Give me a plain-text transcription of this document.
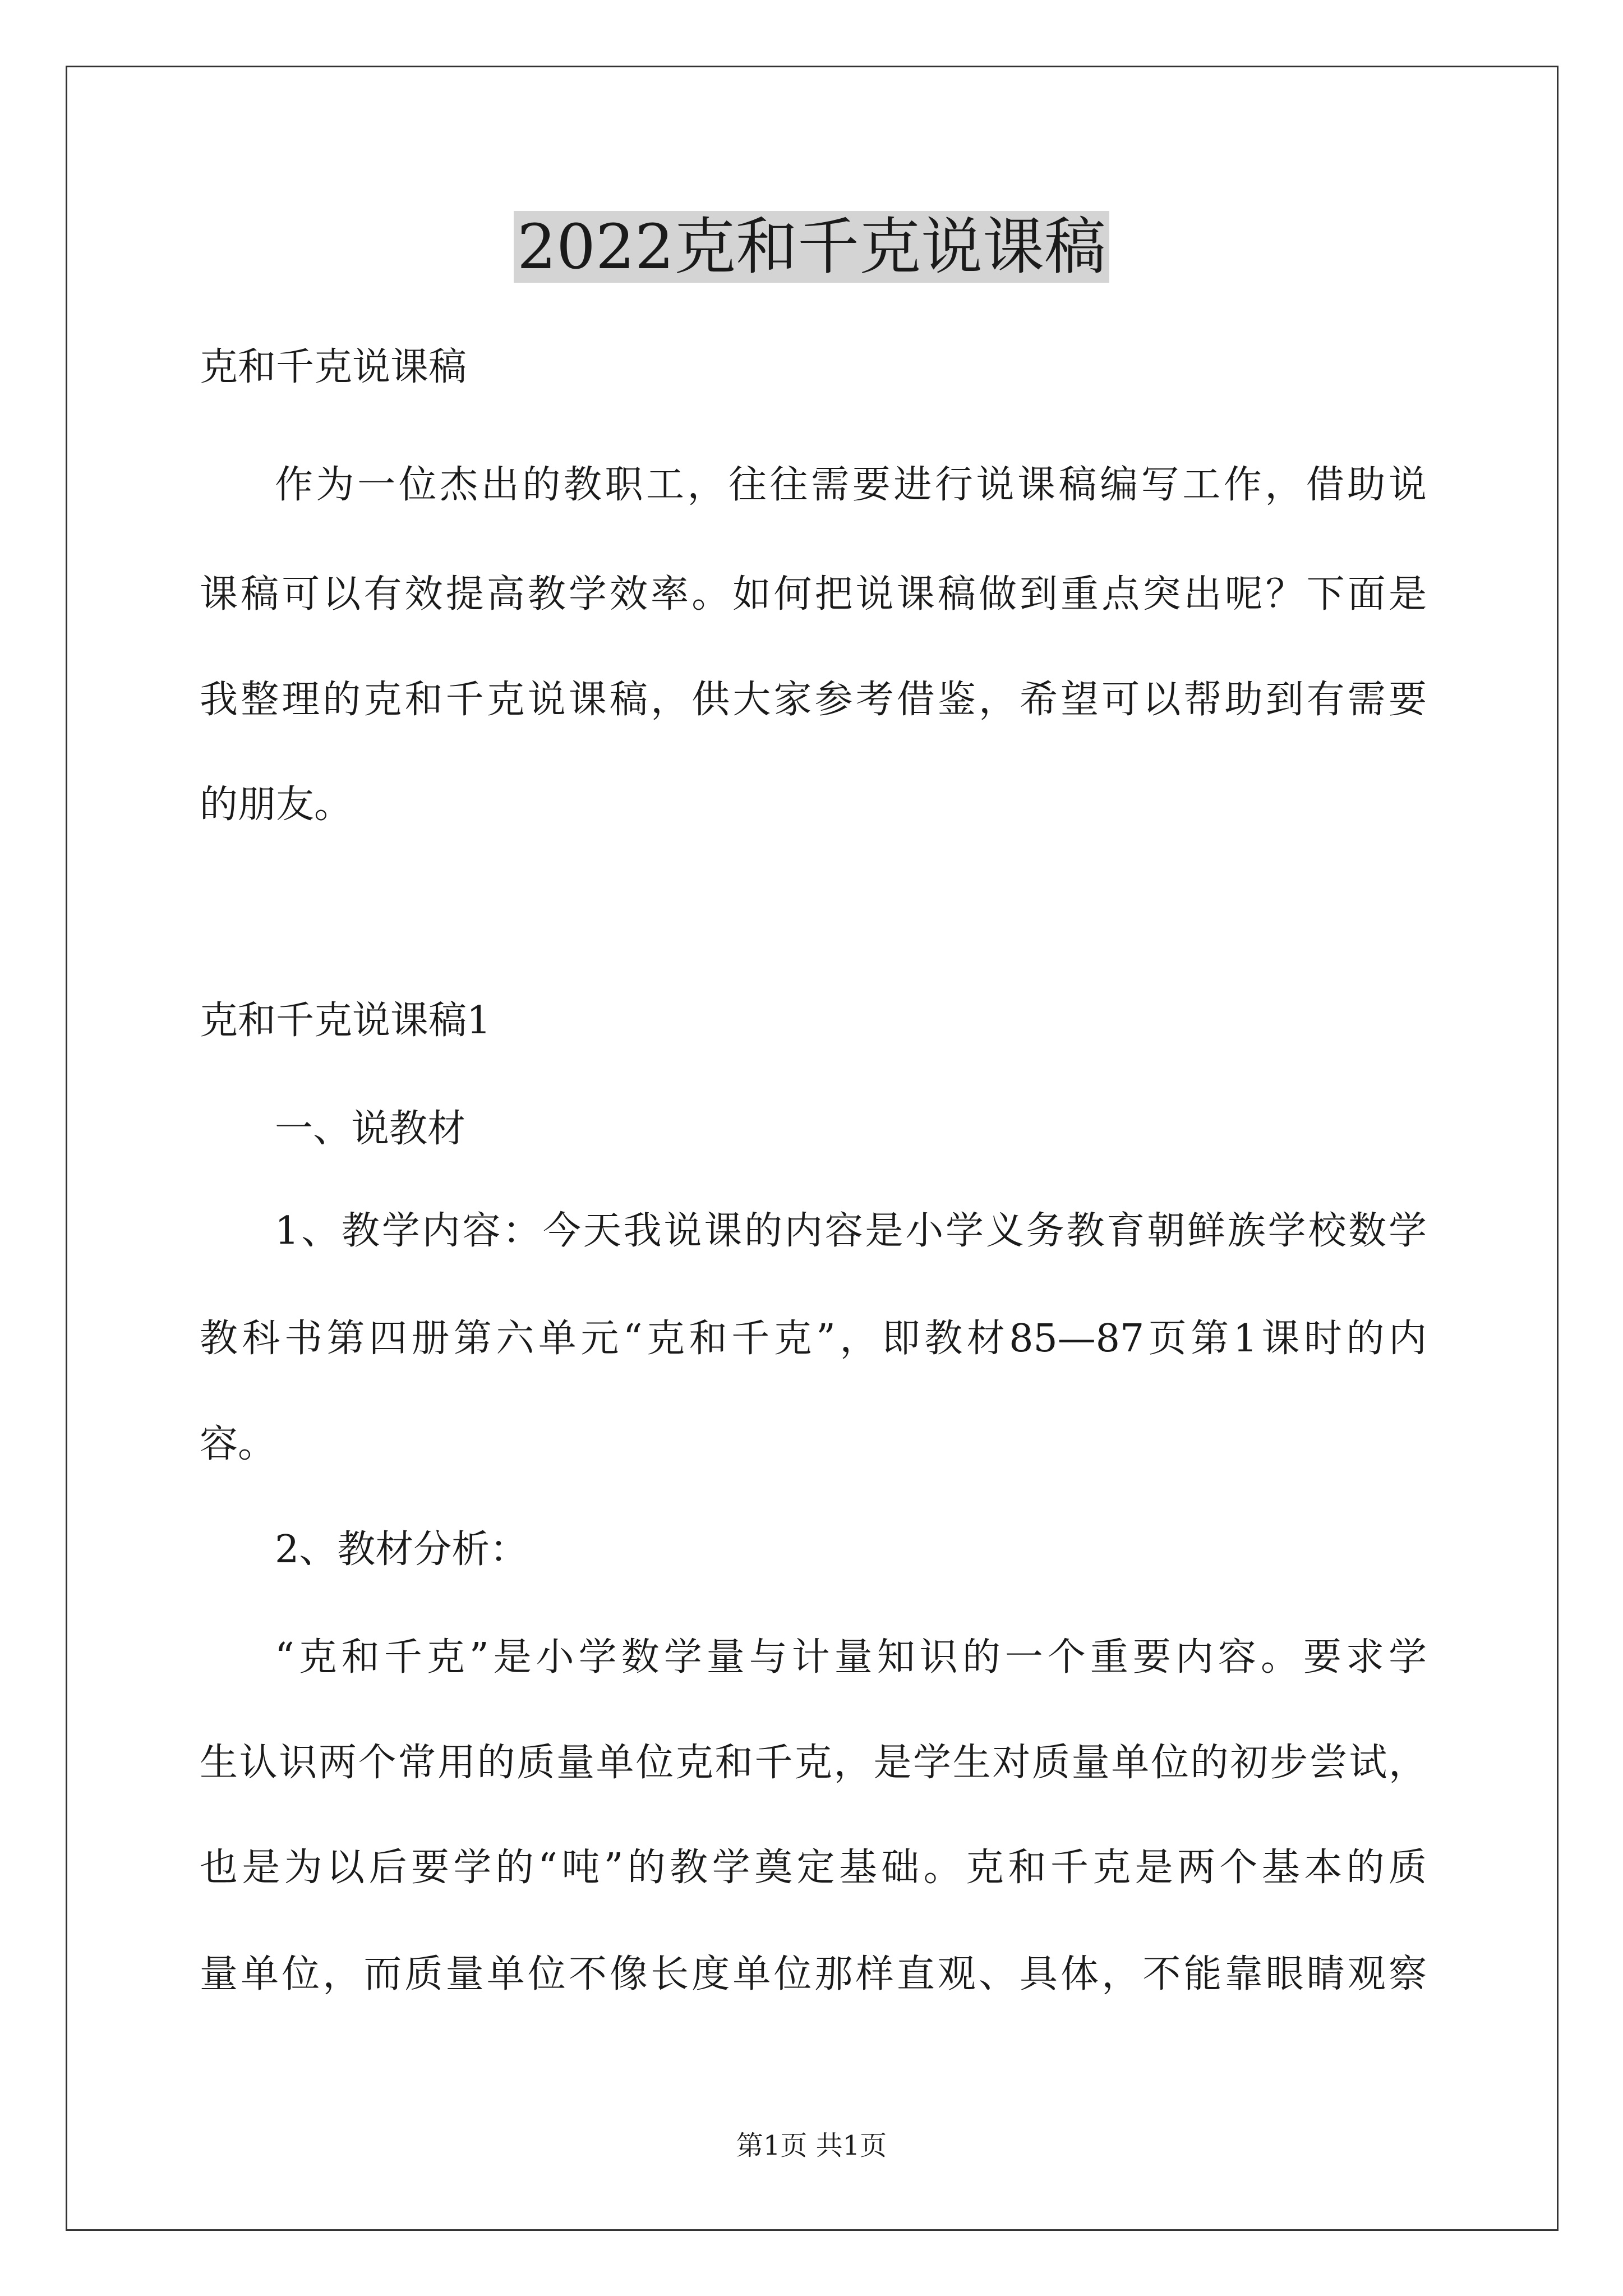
2022克和千克说课稿

克和千克说课稿

作为一位杰出的教职工，往往需要进行说课稿编写工作，借助说

课稿可以有效提高教学效率。如何把说课稿做到重点突出呢？下面是

我整理的克和千克说课稿，供大家参考借鉴，希望可以帮助到有需要

的朋友。

克和千克说课稿1

一、说教材

1、教学内容：今天我说课的内容是小学义务教育朝鲜族学校数学

教科书第四册第六单元“克和千克”，即教材85—87页第1课时的内

容。

2、教材分析：

“克和千克”是小学数学量与计量知识的一个重要内容。要求学

生认识两个常用的质量单位克和千克，是学生对质量单位的初步尝试，

也是为以后要学的“吨”的教学奠定基础。克和千克是两个基本的质

量单位，而质量单位不像长度单位那样直观、具体，不能靠眼睛观察

第1页 共1页
